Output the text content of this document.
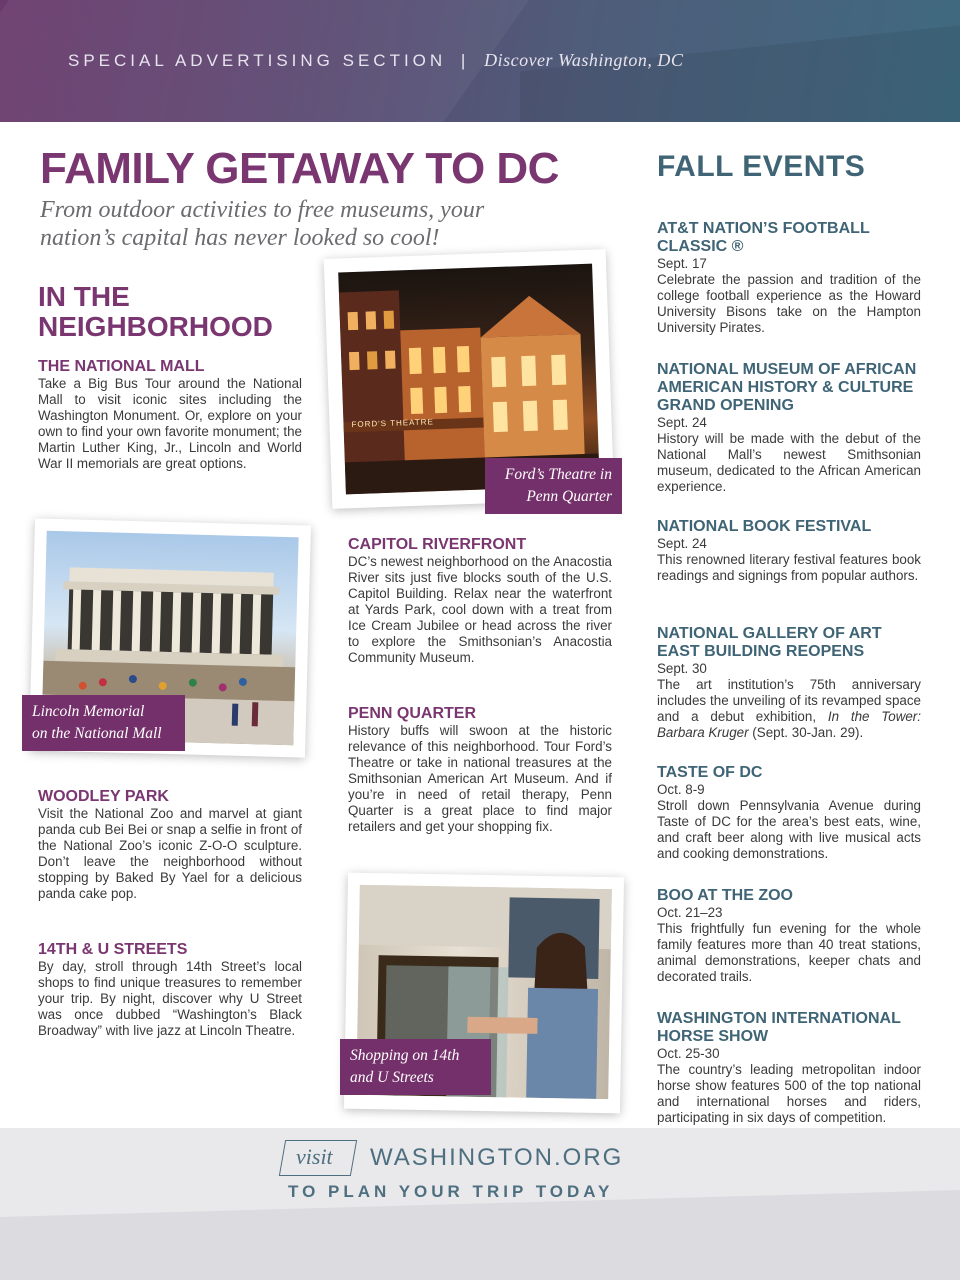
SPECIAL ADVERTISING SECTION | Discover Washington, DC
FAMILY GETAWAY TO DC
From outdoor activities to free museums, your nation’s capital has never looked so cool!
IN THE
NEIGHBORHOOD
THE NATIONAL MALL

Take a Big Bus Tour around the National Mall to visit iconic sites including the Washington Monument. Or, explore on your own to find your own favorite monument; the Martin Luther King, Jr., Lincoln and World War II memorials are great options.

WOODLEY PARK

Visit the National Zoo and marvel at giant panda cub Bei Bei or snap a selfie in front of the National Zoo’s iconic Z-O-O sculpture. Don’t leave the neighborhood without stopping by Baked By Yael for a delicious panda cake pop.

14TH & U STREETS

By day, stroll through 14th Street’s local shops to find unique treasures to remember your trip. By night, discover why U Street was once dubbed “Washington’s Black Broadway” with live jazz at Lincoln Theatre.

CAPITOL RIVERFRONT

DC’s newest neighborhood on the Anacostia River sits just five blocks south of the U.S. Capitol Building. Relax near the waterfront at Yards Park, cool down with a treat from Ice Cream Jubilee or head across the river to explore the Smithsonian’s Anacostia Community Museum.

PENN QUARTER

History buffs will swoon at the historic relevance of this neighborhood. Tour Ford’s Theatre or take in national treasures at the Smithsonian American Art Museum. And if you’re in need of retail therapy, Penn Quarter is a great place to find major retailers and get your shopping fix.

FORD'S THEATRE
Ford’s Theatre in
Penn Quarter
Lincoln Memorial
on the National Mall
Shopping on 14th
and U Streets
FALL EVENTS
AT&T NATION’S FOOTBALL CLASSIC ®
Sept. 17

Celebrate the passion and tradition of the college football experience as the Howard University Bisons take on the Hampton University Pirates.

NATIONAL MUSEUM OF AFRICAN AMERICAN HISTORY & CULTURE GRAND OPENING
Sept. 24

History will be made with the debut of the National Mall’s newest Smithsonian museum, dedicated to the African American experience.

NATIONAL BOOK FESTIVAL
Sept. 24

This renowned literary festival features book readings and signings from popular authors.

NATIONAL GALLERY OF ART EAST BUILDING REOPENS
Sept. 30

The art institution’s 75th anniversary includes the unveiling of its revamped space and a debut exhibition, In the Tower: Barbara Kruger (Sept. 30-Jan. 29).

TASTE OF DC
Oct. 8-9

Stroll down Pennsylvania Avenue during Taste of DC for the area’s best eats, wine, and craft beer along with live musical acts and cooking demonstrations.

BOO AT THE ZOO
Oct. 21–23

This frightfully fun evening for the whole family features more than 40 treat stations, animal demonstrations, keeper chats and decorated trails.

WASHINGTON INTERNATIONAL HORSE SHOW
Oct. 25-30

The country’s leading metropolitan indoor horse show features 500 of the top national and international horses and riders, participating in six days of competition.

visit WASHINGTON.ORG
TO PLAN YOUR TRIP TODAY
